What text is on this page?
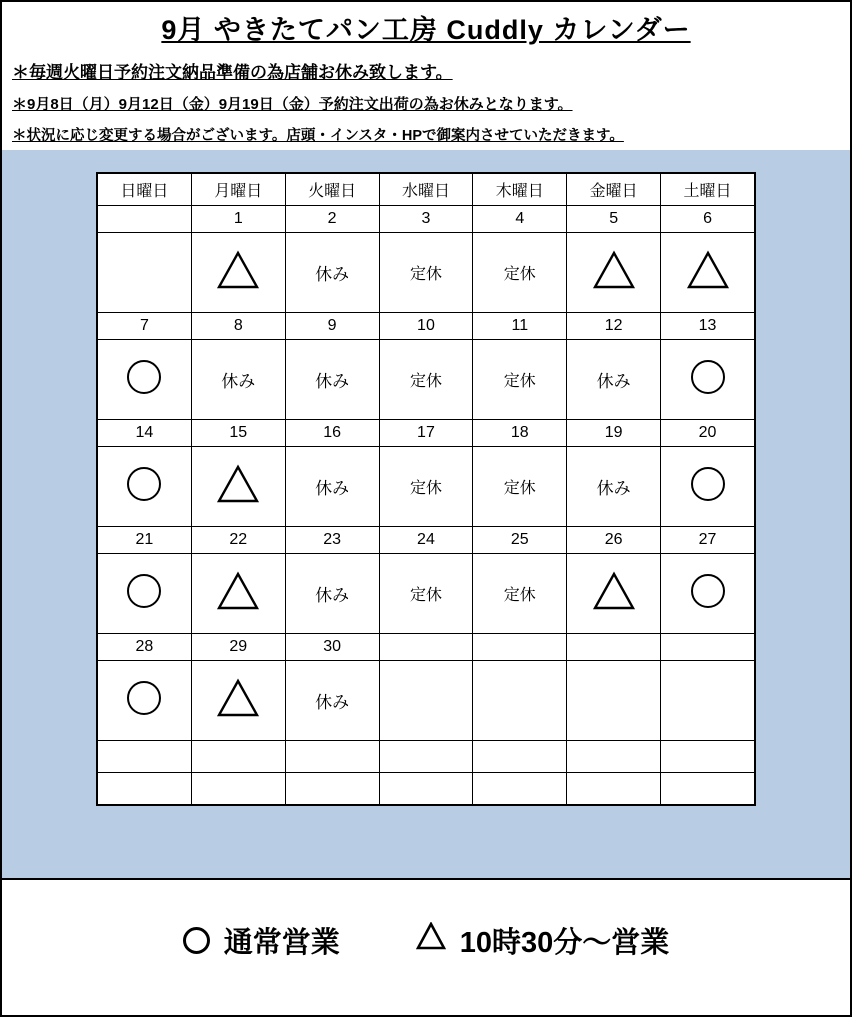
9月 やきたてパン工房 Cuddly カレンダー
＊毎週火曜日予約注文納品準備の為店舗お休み致します。
＊9月8日（月）9月12日（金）9月19日（金）予約注文出荷の為お休みとなります。
＊状況に応じ変更する場合がございます。店頭・インスタ・HPで御案内させていただきます。
日曜日	月曜日	火曜日	水曜日	木曜日	金曜日	土曜日
	1	2	3	4	5	6
		休み	定休	定休		
7	8	9	10	11	12	13
	休み	休み	定休	定休	休み	
14	15	16	17	18	19	20
		休み	定休	定休	休み	
21	22	23	24	25	26	27
		休み	定休	定休		
28	29	30				
		休み				

通常営業	10時30分〜営業
